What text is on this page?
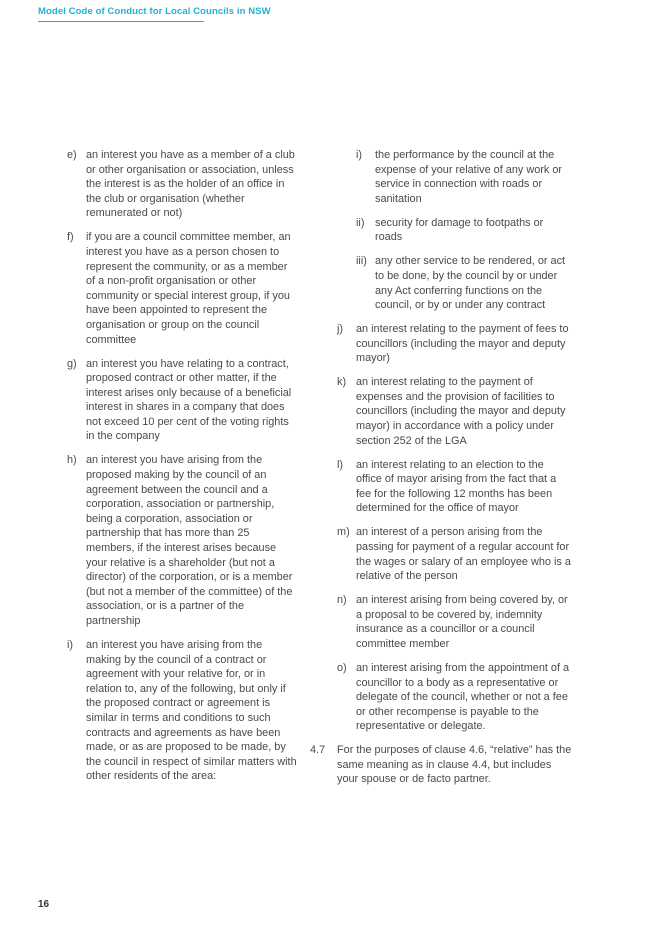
Model Code of Conduct for Local Councils in NSW
e) an interest you have as a member of a club or other organisation or association, unless the interest is as the holder of an office in the club or organisation (whether remunerated or not)
f)	if you are a council committee member, an interest you have as a person chosen to represent the community, or as a member of a non-profit organisation or other community or special interest group, if you have been appointed to represent the organisation or group on the council committee
g) an interest you have relating to a contract, proposed contract or other matter, if the interest arises only because of a beneficial interest in shares in a company that does not exceed 10 per cent of the voting rights in the company
h) an interest you have arising from the proposed making by the council of an agreement between the council and a corporation, association or partnership, being a corporation, association or partnership that has more than 25 members, if the interest arises because your relative is a shareholder (but not a director) of the corporation, or is a member (but not a member of the committee) of the association, or is a partner of the partnership
i)	an interest you have arising from the making by the council of a contract or agreement with your relative for, or in relation to, any of the following, but only if the proposed contract or agreement is similar in terms and conditions to such contracts and agreements as have been made, or as are proposed to be made, by the council in respect of similar matters with other residents of the area:
i)	the performance by the council at the expense of your relative of any work or service in connection with roads or sanitation
ii) security for damage to footpaths or roads
iii) any other service to be rendered, or act to be done, by the council by or under any Act conferring functions on the council, or by or under any contract
j)	an interest relating to the payment of fees to councillors (including the mayor and deputy mayor)
k) an interest relating to the payment of expenses and the provision of facilities to councillors (including the mayor and deputy mayor) in accordance with a policy under section 252 of the LGA
l)	an interest relating to an election to the office of mayor arising from the fact that a fee for the following 12 months has been determined for the office of mayor
m) an interest of a person arising from the passing for payment of a regular account for the wages or salary of an employee who is a relative of the person
n) an interest arising from being covered by, or a proposal to be covered by, indemnity insurance as a councillor or a council committee member
o) an interest arising from the appointment of a councillor to a body as a representative or delegate of the council, whether or not a fee or other recompense is payable to the representative or delegate.
4.7	For the purposes of clause 4.6, “relative” has the same meaning as in clause 4.4, but includes your spouse or de facto partner.
16
